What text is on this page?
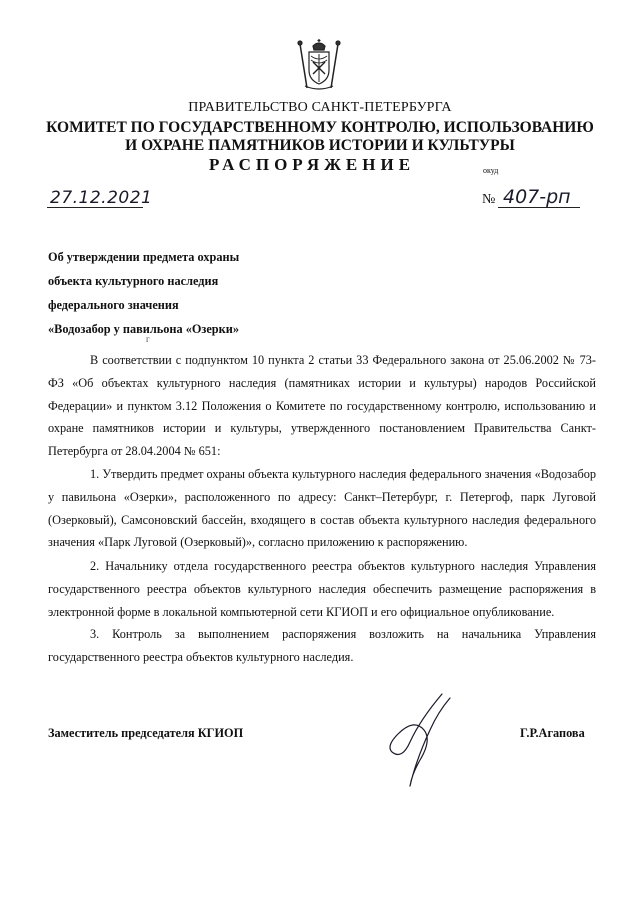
ПРАВИТЕЛЬСТВО САНКТ-ПЕТЕРБУРГА
КОМИТЕТ ПО ГОСУДАРСТВЕННОМУ КОНТРОЛЮ, ИСПОЛЬЗОВАНИЮ
И ОХРАНЕ ПАМЯТНИКОВ ИСТОРИИ И КУЛЬТУРЫ
РАСПОРЯЖЕНИЕ	окуд
27.12.2021	№ 407-рп
Об утверждении предмета охраны
объекта культурного наследия
федерального значения
«Водозабор у павильона «Озерки»
г

В соответствии с подпунктом 10 пункта 2 статьи 33 Федерального закона от 25.06.2002 № 73-ФЗ «Об объектах культурного наследия (памятниках истории и культуры) народов Российской Федерации» и пунктом 3.12 Положения о Комитете по государственному контролю, использованию и охране памятников истории и культуры, утвержденного постановлением Правительства Санкт-Петербурга от 28.04.2004 № 651:

1. Утвердить предмет охраны объекта культурного наследия федерального значения «Водозабор у павильона «Озерки», расположенного по адресу: Санкт–Петербург, г. Петергоф, парк Луговой (Озерковый), Самсоновский бассейн, входящего в состав объекта культурного наследия федерального значения «Парк Луговой (Озерковый)», согласно приложению к распоряжению.

2. Начальнику отдела государственного реестра объектов культурного наследия Управления государственного реестра объектов культурного наследия обеспечить размещение распоряжения в электронной форме в локальной компьютерной сети КГИОП и его официальное опубликование.

3. Контроль за выполнением распоряжения возложить на начальника Управления государственного реестра объектов культурного наследия.

Заместитель председателя КГИОП	Г.Р.Агапова
